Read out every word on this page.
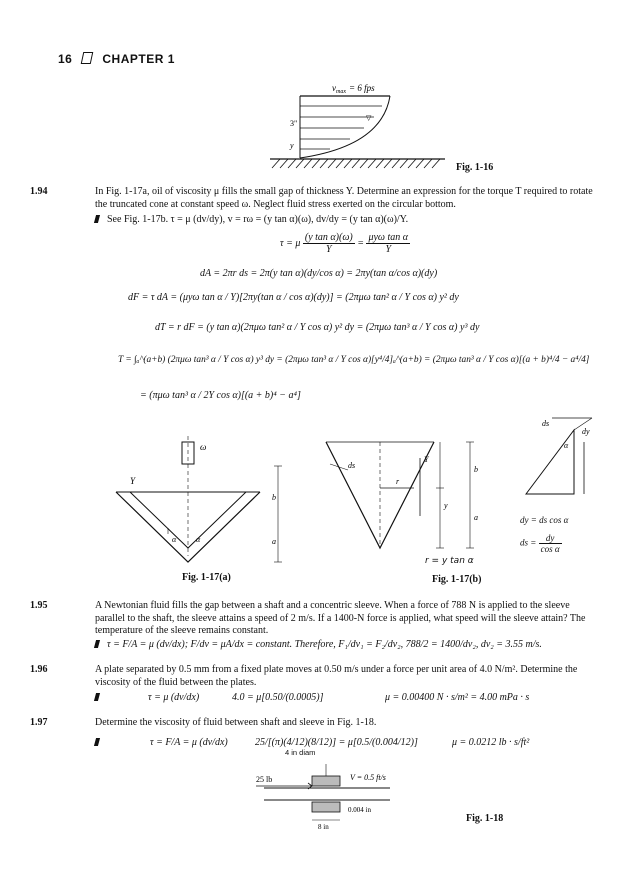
16	CHAPTER 1
$v_{max} = 6$ fps
3"
y
▽
Fig. 1-16
1.94	In Fig. 1-17a, oil of viscosity μ fills the small gap of thickness Y. Determine an expression for the torque T required to rotate the truncated cone at constant speed ω. Neglect fluid stress exerted on the circular bottom.
See Fig. 1-17b. τ = μ (dv/dy), v = rω = (y tan α)(ω), dv/dy = (y tan α)(ω)/Y.
τ = μ $\frac{\text{(y tan α)(ω)}}{Y} = \frac{\text{μyω tan α}}{Y}$
dA = 2πr ds = 2π(y tan α)(dy/cos α) = 2πy(tan α/cos α)(dy)
dF = τ dA = (μyω tan α / Y)[2πy(tan α / cos α)(dy)] = (2πμω tan² α / Y cos α) y² dy
dT = r dF = (y tan α)(2πμω tan² α / Y cos α) y² dy = (2πμω tan³ α / Y cos α) y³ dy
T = ∫ₐ^(a+b) (2πμω tan³ α / Y cos α) y³ dy = (2πμω tan³ α / Y cos α)[y⁴/4]ₐ^(a+b) = (2πμω tan³ α / Y cos α)[(a + b)⁴/4 − a⁴/4]
= (πμω tan³ α / 2Y cos α)[(a + b)⁴ − a⁴]
ω
Y
α α
b
a
Fig. 1-17(a)
ds
r
Y
y
b
a
r = y tan α
Fig. 1-17(b)
ds
dy
α
dy = ds cos α
ds = $\frac{dy}{\text{cos α}}$
1.95	A Newtonian fluid fills the gap between a shaft and a concentric sleeve. When a force of 788 N is applied to the sleeve parallel to the shaft, the sleeve attains a speed of 2 m/s. If a 1400-N force is applied, what speed will the sleeve attain? The temperature of the sleeve remains constant.
τ = F/A = μ (dv/dx); F/dv = μA/dx = constant. Therefore, F₁/dv₁ = F₂/dv₂, 788/2 = 1400/dv₂, dv₂ = 3.55 m/s.
1.96	A plate separated by 0.5 mm from a fixed plate moves at 0.50 m/s under a force per unit area of 4.0 N/m². Determine the viscosity of the fluid between the plates.
τ = μ (dv/dx)	4.0 = μ[0.50/(0.0005)]	μ = 0.00400 N · s/m² = 4.00 mPa · s
1.97	Determine the viscosity of fluid between shaft and sleeve in Fig. 1-18.
τ = F/A = μ (dv/dx)	25/[(π)(4/12)(8/12)] = μ[0.5/(0.004/12)]	μ = 0.0212 lb · s/ft²
25 lb	V = 0.5 ft/s
0.004 in
8 in
4 in diam
Fig. 1-18
